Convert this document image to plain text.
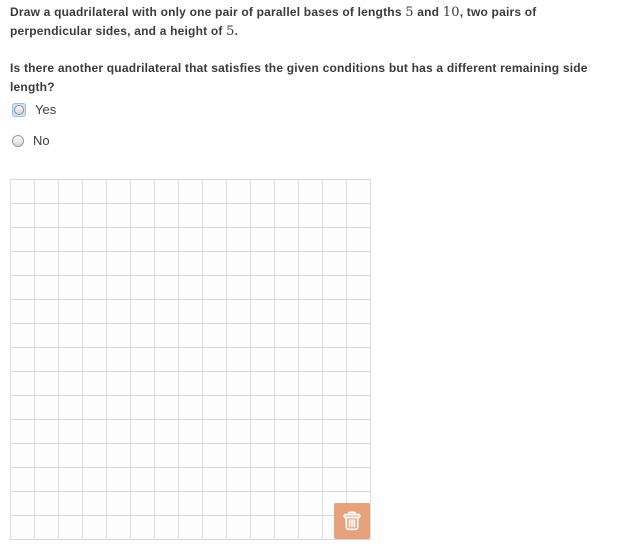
Draw a quadrilateral with only one pair of parallel bases of lengths 5 and 10, two pairs of perpendicular sides, and a height of 5.

Is there another quadrilateral that satisfies the given conditions but has a different remaining side length?

Yes
No
